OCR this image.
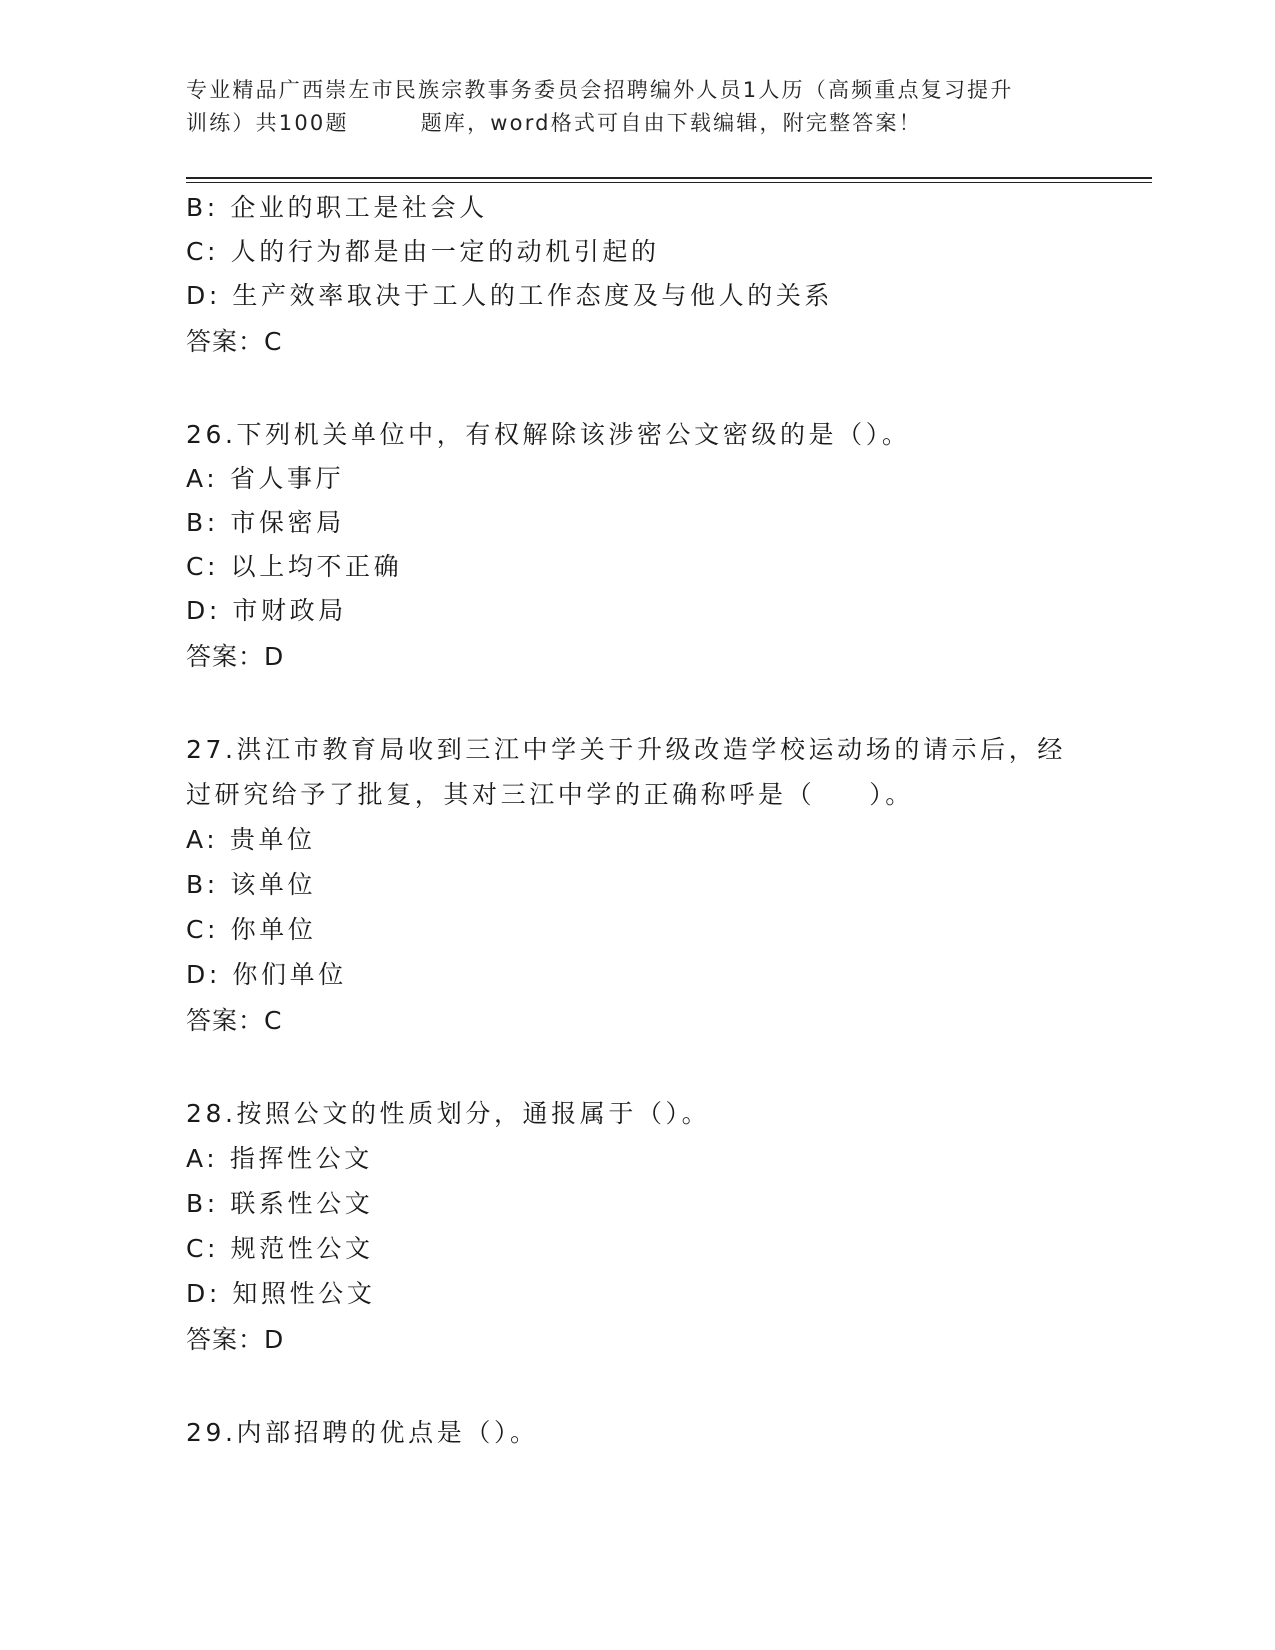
专业精品广西崇左市民族宗教事务委员会招聘编外人员1人历（高频重点复习提升
训练）共100题	题库，word格式可自由下载编辑，附完整答案！
B: 企业的职工是社会人
C: 人的行为都是由一定的动机引起的
D: 生产效率取决于工人的工作态度及与他人的关系
答案：C
26.下列机关单位中，有权解除该涉密公文密级的是（）。
A: 省人事厅
B: 市保密局
C: 以上均不正确
D: 市财政局
答案：D
27.洪江市教育局收到三江中学关于升级改造学校运动场的请示后，经
过研究给予了批复，其对三江中学的正确称呼是（ ）。
A: 贵单位
B: 该单位
C: 你单位
D: 你们单位
答案：C
28.按照公文的性质划分，通报属于（）。
A: 指挥性公文
B: 联系性公文
C: 规范性公文
D: 知照性公文
答案：D
29.内部招聘的优点是（）。
